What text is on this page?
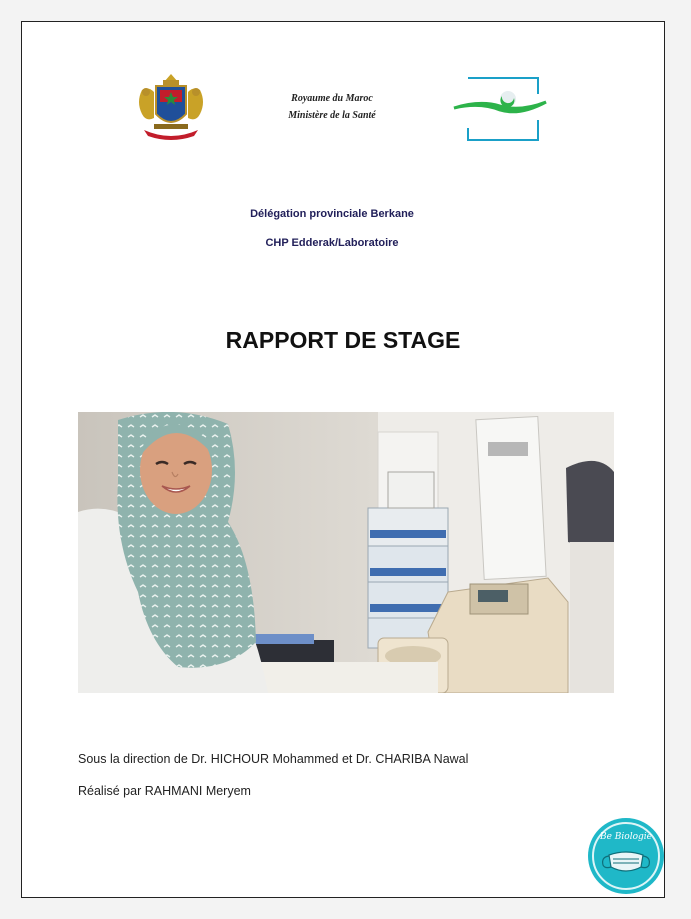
Royaume du Maroc
Ministère de la Santé
Délégation provinciale Berkane
CHP Edderak/Laboratoire
RAPPORT DE STAGE
Sous la direction de Dr. HICHOUR Mohammed et Dr. CHARIBA Nawal
Réalisé par RAHMANI Meryem
Be Biologie
